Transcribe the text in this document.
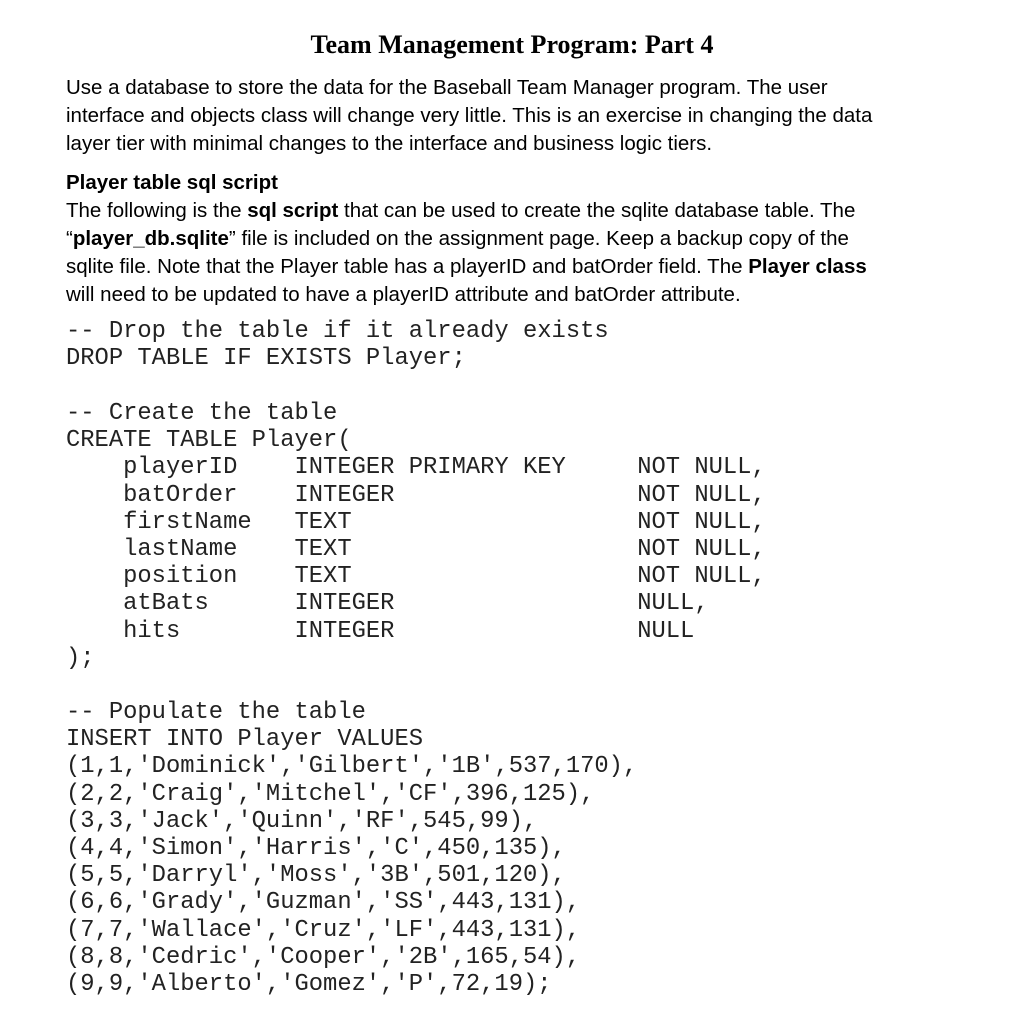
Team Management Program: Part 4
Use a database to store the data for the Baseball Team Manager program. The user
interface and objects class will change very little. This is an exercise in changing the data
layer tier with minimal changes to the interface and business logic tiers.
Player table sql script
The following is the sql script that can be used to create the sqlite database table. The
“player_db.sqlite” file is included on the assignment page. Keep a backup copy of the
sqlite file. Note that the Player table has a playerID and batOrder field. The Player class
will need to be updated to have a playerID attribute and batOrder attribute.
-- Drop the table if it already exists
DROP TABLE IF EXISTS Player;
-- Create the table
CREATE TABLE Player(
playerID    INTEGER PRIMARY KEY     NOT NULL,
batOrder    INTEGER                 NOT NULL,
firstName   TEXT                    NOT NULL,
lastName    TEXT                    NOT NULL,
position    TEXT                    NOT NULL,
atBats      INTEGER                 NULL,
hits        INTEGER                 NULL
);
-- Populate the table
INSERT INTO Player VALUES
(1,1,'Dominick','Gilbert','1B',537,170),
(2,2,'Craig','Mitchel','CF',396,125),
(3,3,'Jack','Quinn','RF',545,99),
(4,4,'Simon','Harris','C',450,135),
(5,5,'Darryl','Moss','3B',501,120),
(6,6,'Grady','Guzman','SS',443,131),
(7,7,'Wallace','Cruz','LF',443,131),
(8,8,'Cedric','Cooper','2B',165,54),
(9,9,'Alberto','Gomez','P',72,19);
